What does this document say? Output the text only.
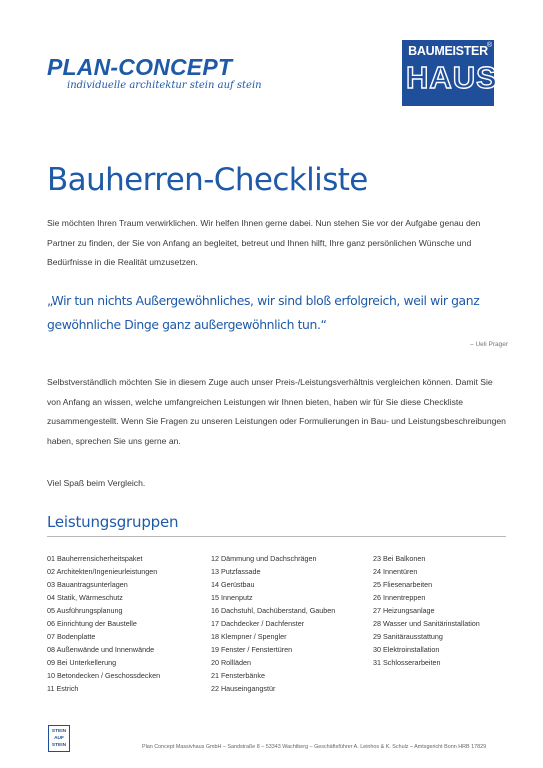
PLAN-CONCEPT
individuelle architektur stein auf stein
®
BAUMEISTER
HAUS
Bauherren-Checkliste

Sie möchten Ihren Traum verwirklichen. Wir helfen Ihnen gerne dabei. Nun stehen Sie vor der Aufgabe genau den Partner zu finden, der Sie von Anfang an begleitet, betreut und Ihnen hilft, Ihre ganz persönlichen Wünsche und Bedürfnisse in die Realität umzusetzen.

„Wir tun nichts Außergewöhnliches, wir sind bloß erfolgreich, weil wir ganz gewöhnliche Dinge ganz außergewöhnlich tun.“

– Ueli Prager

Selbstverständlich möchten Sie in diesem Zuge auch unser Preis-/Leistungsverhältnis vergleichen können. Damit Sie von Anfang an wissen, welche umfangreichen Leistungen wir Ihnen bieten, haben wir für Sie diese Checkliste zusammengestellt. Wenn Sie Fragen zu unseren Leistungen oder Formulierungen in Bau- und Leistungsbeschreibungen haben, sprechen Sie uns gerne an.

Viel Spaß beim Vergleich.

Leistungsgruppen
01 Bauherrensicherheitspaket
02 Architekten/Ingenieurleistungen
03 Bauantragsunterlagen
04 Statik, Wärmeschutz
05 Ausführungsplanung
06 Einrichtung der Baustelle
07 Bodenplatte
08 Außenwände und Innenwände
09 Bei Unterkellerung
10 Betondecken / Geschossdecken
11 Estrich
12 Dämmung und Dachschrägen
13 Putzfassade
14 Gerüstbau
15 Innenputz
16 Dachstuhl, Dachüberstand, Gauben
17 Dachdecker / Dachfenster
18 Klempner / Spengler
19 Fenster / Fenstertüren
20 Rollläden
21 Fensterbänke
22 Hauseingangstür
23 Bei Balkonen
24 Innentüren
25 Fliesenarbeiten
26 Innentreppen
27 Heizungsanlage
28 Wasser und Sanitärinstallation
29 Sanitärausstattung
30 Elektroinstallation
31 Schlosserarbeiten
STEIN
AUF
STEIN	Plan Concept Massivhaus GmbH – Sandstraße 8 – 53343 Wachtberg – Geschäftsführer A. Leinhos & K. Schulz – Amtsgericht Bonn HRB 17829
